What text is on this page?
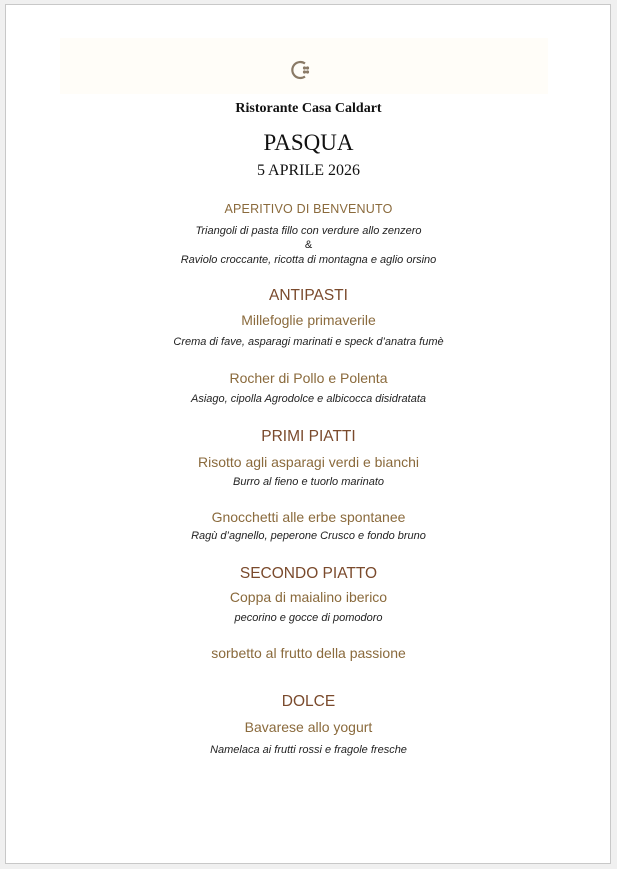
Ristorante Casa Caldart

PASQUA

5 APRILE 2026

APERITIVO DI BENVENUTO

Triangoli di pasta fillo con verdure allo zenzero

&

Raviolo croccante, ricotta di montagna e aglio orsino

ANTIPASTI

Millefoglie primaverile

Crema di fave, asparagi marinati e speck d’anatra fumè

Rocher di Pollo e Polenta

Asiago, cipolla Agrodolce e albicocca disidratata

PRIMI PIATTI

Risotto agli asparagi verdi e bianchi

Burro al fieno e tuorlo marinato

Gnocchetti alle erbe spontanee

Ragù d’agnello, peperone Crusco e fondo bruno

SECONDO PIATTO

Coppa di maialino iberico

pecorino e gocce di pomodoro

sorbetto al frutto della passione

DOLCE

Bavarese allo yogurt

Namelaca ai frutti rossi e fragole fresche
